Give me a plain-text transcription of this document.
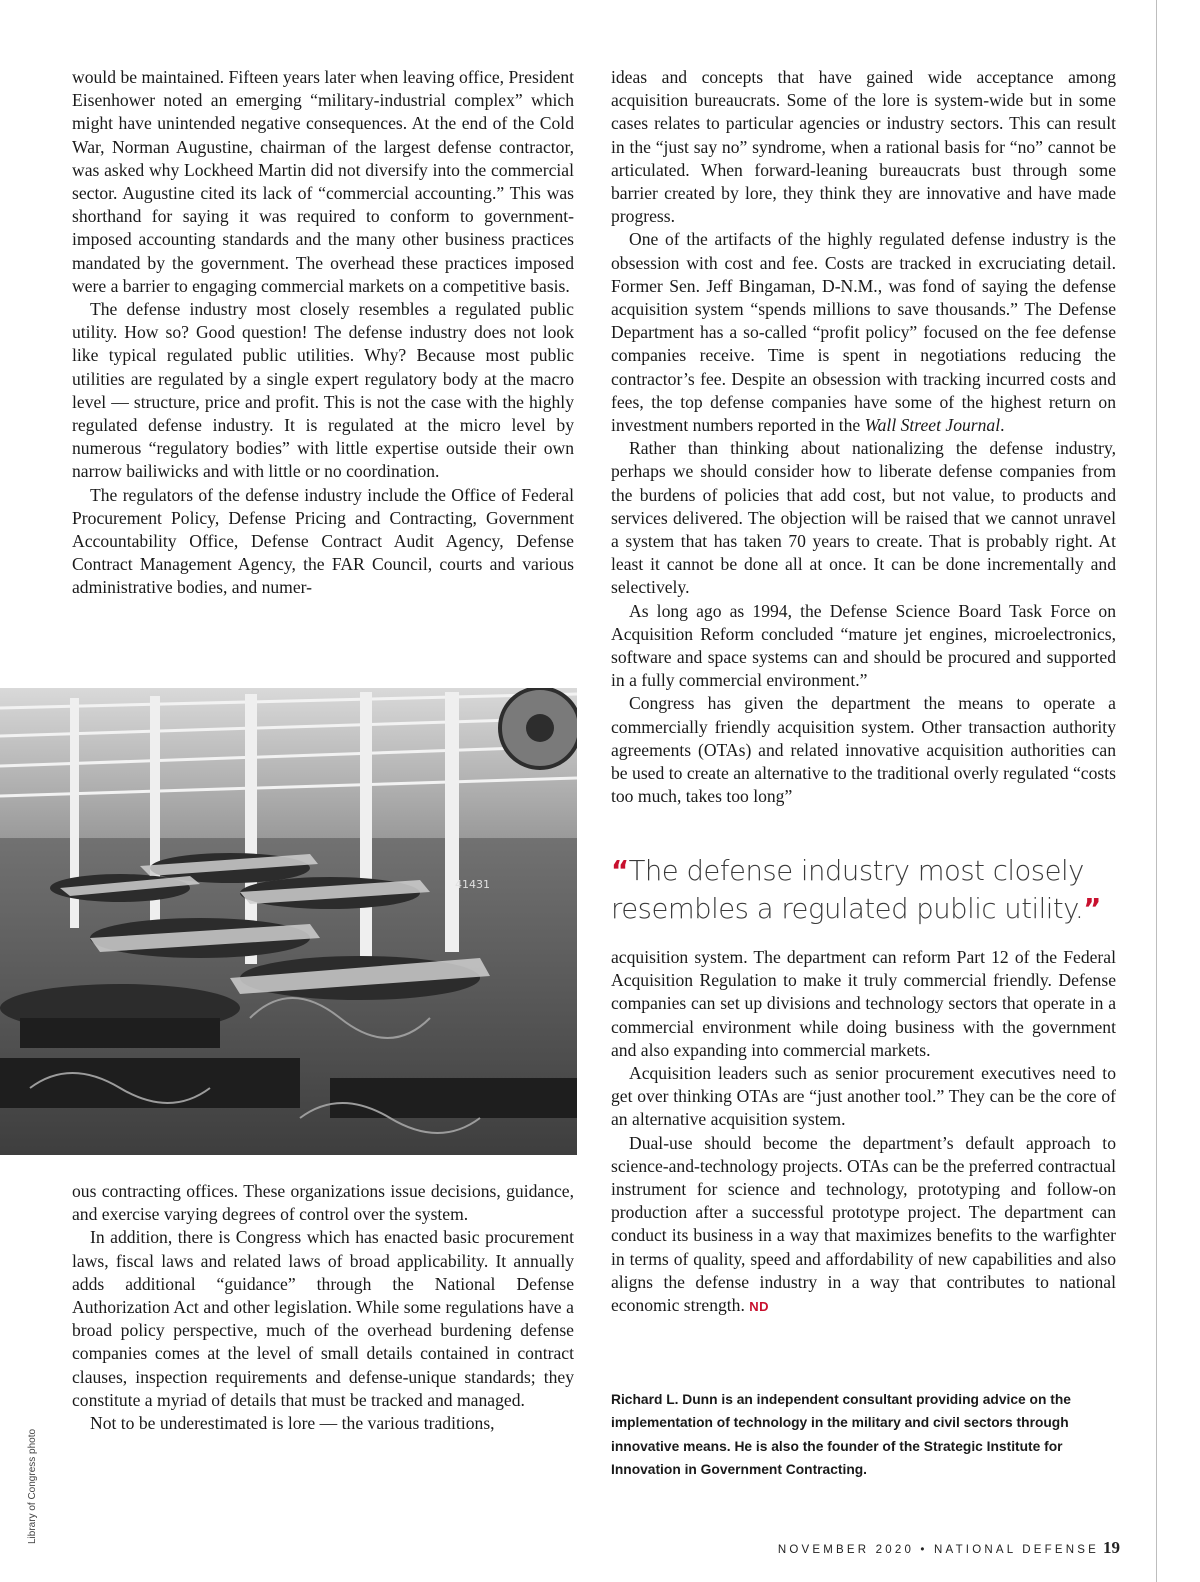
would be maintained. Fifteen years later when leaving office, President Eisenhower noted an emerging “military-industrial complex” which might have unintended negative consequences. At the end of the Cold War, Norman Augustine, chairman of the largest defense contractor, was asked why Lockheed Martin did not diversify into the commercial sector. Augustine cited its lack of “commercial accounting.” This was shorthand for saying it was required to conform to government-imposed accounting standards and the many other business practices mandated by the government. The overhead these practices imposed were a barrier to engaging commercial markets on a competitive basis.

The defense industry most closely resembles a regulated public utility. How so? Good question! The defense industry does not look like typical regulated public utilities. Why? Because most public utilities are regulated by a single expert regulatory body at the macro level — structure, price and profit. This is not the case with the highly regulated defense industry. It is regulated at the micro level by numerous “regulatory bodies” with little expertise outside their own narrow bailiwicks and with little or no coordination.

The regulators of the defense industry include the Office of Federal Procurement Policy, Defense Pricing and Contracting, Government Accountability Office, Defense Contract Audit Agency, Defense Contract Management Agency, the FAR Council, courts and various administrative bodies, and numer-

41431
Library of Congress photo

ous contracting offices. These organizations issue decisions, guidance, and exercise varying degrees of control over the system.

In addition, there is Congress which has enacted basic procurement laws, fiscal laws and related laws of broad applicability. It annually adds additional “guidance” through the National Defense Authorization Act and other legislation. While some regulations have a broad policy perspective, much of the overhead burdening defense companies comes at the level of small details contained in contract clauses, inspection requirements and defense-unique standards; they constitute a myriad of details that must be tracked and managed.

Not to be underestimated is lore — the various traditions,

ideas and concepts that have gained wide acceptance among acquisition bureaucrats. Some of the lore is system-wide but in some cases relates to particular agencies or industry sectors. This can result in the “just say no” syndrome, when a rational basis for “no” cannot be articulated. When forward-leaning bureaucrats bust through some barrier created by lore, they think they are innovative and have made progress.

One of the artifacts of the highly regulated defense industry is the obsession with cost and fee. Costs are tracked in excruciating detail. Former Sen. Jeff Bingaman, D-N.M., was fond of saying the defense acquisition system “spends millions to save thousands.” The Defense Department has a so-called “profit policy” focused on the fee defense companies receive. Time is spent in negotiations reducing the contractor’s fee. Despite an obsession with tracking incurred costs and fees, the top defense companies have some of the highest return on investment numbers reported in the Wall Street Journal.

Rather than thinking about nationalizing the defense industry, perhaps we should consider how to liberate defense companies from the burdens of policies that add cost, but not value, to products and services delivered. The objection will be raised that we cannot unravel a system that has taken 70 years to create. That is probably right. At least it cannot be done all at once. It can be done incrementally and selectively.

As long ago as 1994, the Defense Science Board Task Force on Acquisition Reform concluded “mature jet engines, microelectronics, software and space systems can and should be procured and supported in a fully commercial environment.”

Congress has given the department the means to operate a commercially friendly acquisition system. Other transaction authority agreements (OTAs) and related innovative acquisition authorities can be used to create an alternative to the traditional overly regulated “costs too much, takes too long”

“The defense industry most closely resembles a regulated public utility.”

acquisition system. The department can reform Part 12 of the Federal Acquisition Regulation to make it truly commercial friendly. Defense companies can set up divisions and technology sectors that operate in a commercial environment while doing business with the government and also expanding into commercial markets.

Acquisition leaders such as senior procurement executives need to get over thinking OTAs are “just another tool.” They can be the core of an alternative acquisition system.

Dual-use should become the department’s default approach to science-and-technology projects. OTAs can be the preferred contractual instrument for science and technology, prototyping and follow-on production after a successful prototype project. The department can conduct its business in a way that maximizes benefits to the warfighter in terms of quality, speed and affordability of new capabilities and also aligns the defense industry in a way that contributes to national economic strength. ND

Richard L. Dunn is an independent consultant providing advice on the implementation of technology in the military and civil sectors through innovative means. He is also the founder of the Strategic Institute for Innovation in Government Contracting.
NOVEMBER 2020 • NATIONAL DEFENSE 19
